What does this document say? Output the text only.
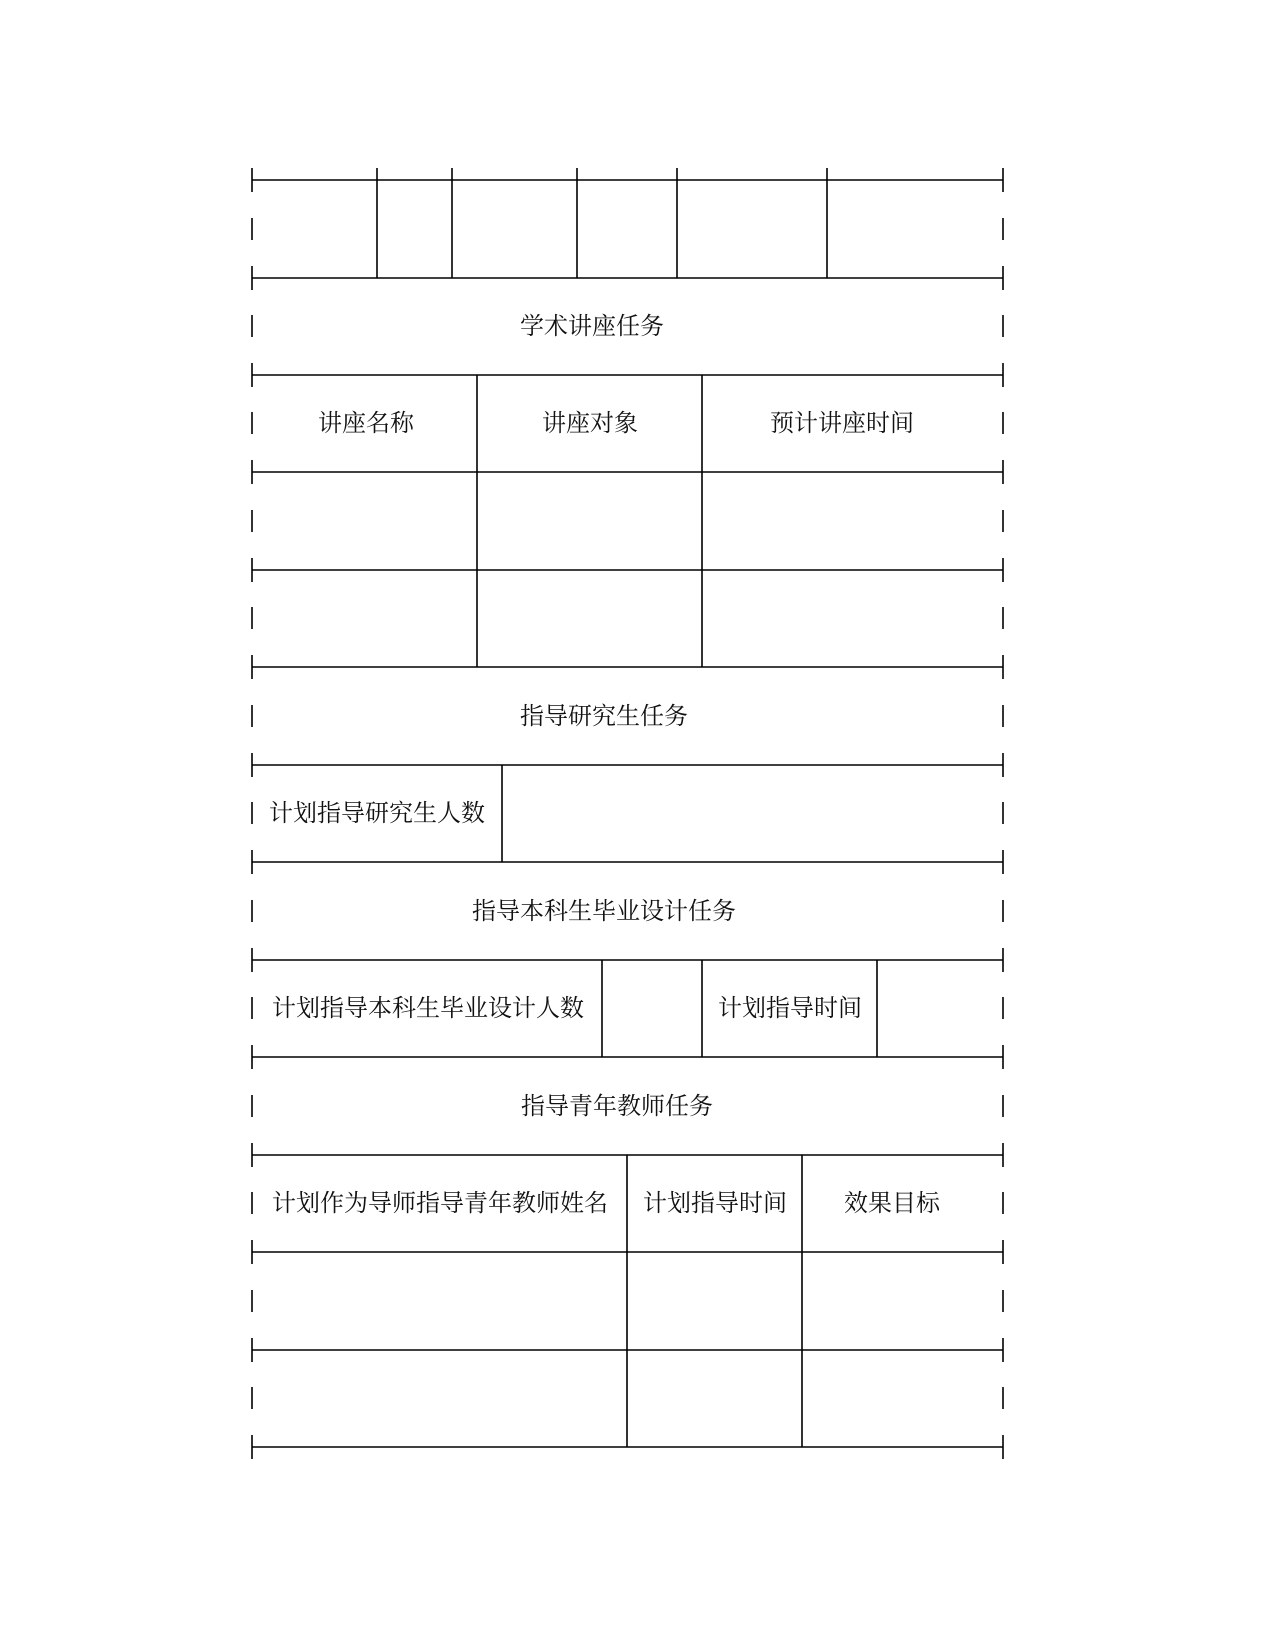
学术讲座任务
讲座名称	讲座对象	预计讲座时间
指导研究生任务
计划指导研究生人数
指导本科生毕业设计任务
计划指导本科生毕业设计人数	计划指导时间
指导青年教师任务
计划作为导师指导青年教师姓名 计划指导时间 效果目标
